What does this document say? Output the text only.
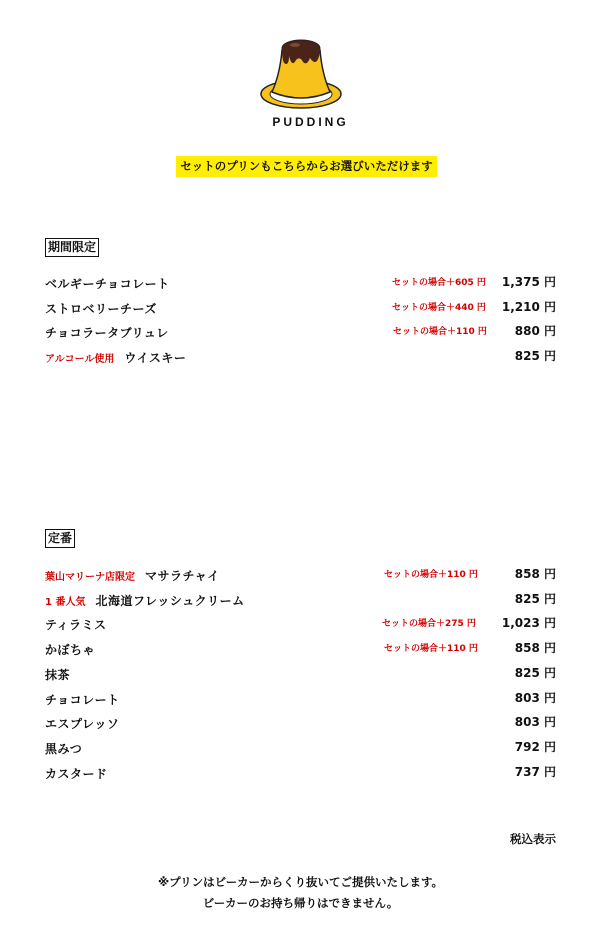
PUDDING
セットのプリンもこちらからお選びいただけます
期間限定
ベルギーチョコレート	セットの場合＋605 円 1,375 円
ストロベリーチーズ	セットの場合＋440 円 1,210 円
チョコラータブリュレ	セットの場合＋110 円 880 円
アルコール使用 ウイスキー	825 円
定番
葉山マリーナ店限定 マサラチャイ	セットの場合＋110 円	858 円
1 番人気 北海道フレッシュクリーム	825 円
ティラミス	セットの場合＋275 円 1,023 円
かぼちゃ	セットの場合＋110 円	858 円
抹茶	825 円
チョコレート	803 円
エスプレッソ	803 円
黒みつ	792 円
カスタード	737 円
税込表示
※プリンはビーカーからくり抜いてご提供いたします。
ビーカーのお持ち帰りはできません。
